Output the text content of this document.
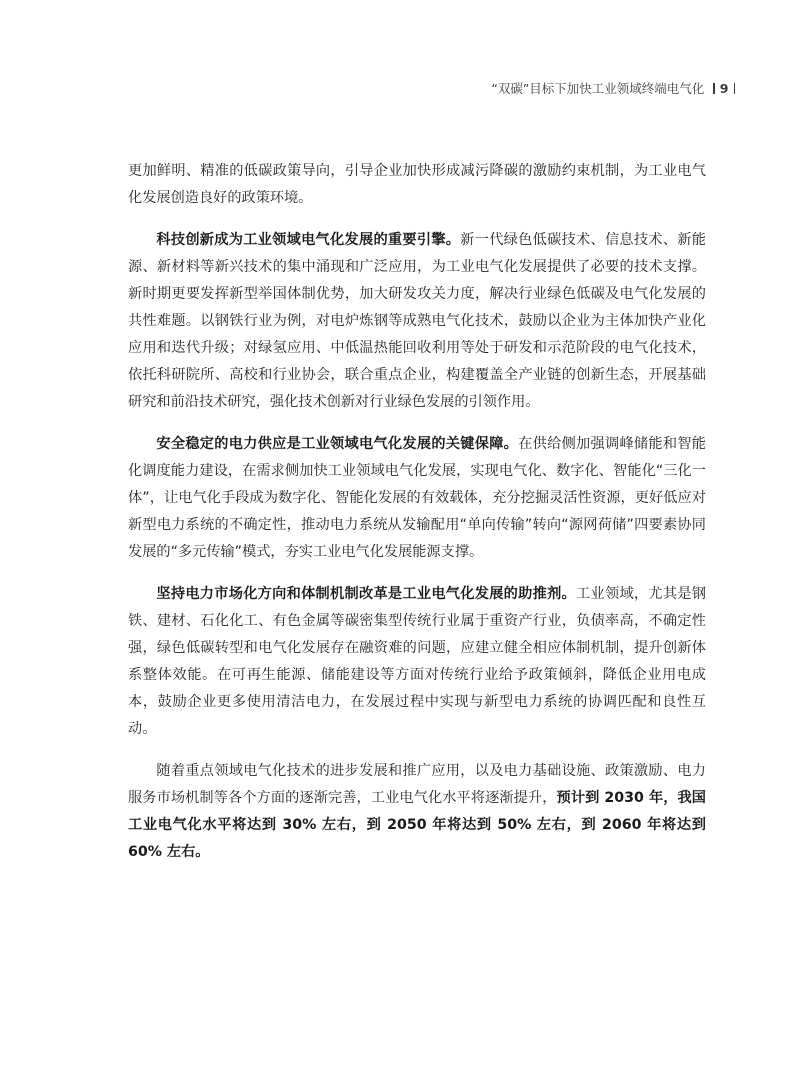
“双碳”目标下加快工业领域终端电气化 9

更加鲜明、精准的低碳政策导向，引导企业加快形成减污降碳的激励约束机制，为工业电气化发展创造良好的政策环境。

科技创新成为工业领域电气化发展的重要引擎。新一代绿色低碳技术、信息技术、新能源、新材料等新兴技术的集中涌现和广泛应用，为工业电气化发展提供了必要的技术支撑。新时期更要发挥新型举国体制优势，加大研发攻关力度，解决行业绿色低碳及电气化发展的共性难题。以钢铁行业为例，对电炉炼钢等成熟电气化技术，鼓励以企业为主体加快产业化应用和迭代升级；对绿氢应用、中低温热能回收利用等处于研发和示范阶段的电气化技术，依托科研院所、高校和行业协会，联合重点企业，构建覆盖全产业链的创新生态，开展基础研究和前沿技术研究，强化技术创新对行业绿色发展的引领作用。

安全稳定的电力供应是工业领域电气化发展的关键保障。在供给侧加强调峰储能和智能化调度能力建设，在需求侧加快工业领域电气化发展，实现电气化、数字化、智能化“三化一体”，让电气化手段成为数字化、智能化发展的有效载体，充分挖掘灵活性资源，更好低应对新型电力系统的不确定性，推动电力系统从发输配用“单向传输”转向“源网荷储”四要素协同发展的“多元传输”模式，夯实工业电气化发展能源支撑。

坚持电力市场化方向和体制机制改革是工业电气化发展的助推剂。工业领域，尤其是钢铁、建材、石化化工、有色金属等碳密集型传统行业属于重资产行业，负债率高，不确定性强，绿色低碳转型和电气化发展存在融资难的问题，应建立健全相应体制机制，提升创新体系整体效能。在可再生能源、储能建设等方面对传统行业给予政策倾斜，降低企业用电成本，鼓励企业更多使用清洁电力，在发展过程中实现与新型电力系统的协调匹配和良性互动。

随着重点领域电气化技术的进步发展和推广应用，以及电力基础设施、政策激励、电力服务市场机制等各个方面的逐渐完善，工业电气化水平将逐渐提升，预计到 2030 年，我国工业电气化水平将达到 30% 左右，到 2050 年将达到 50% 左右，到 2060 年将达到 60% 左右。
